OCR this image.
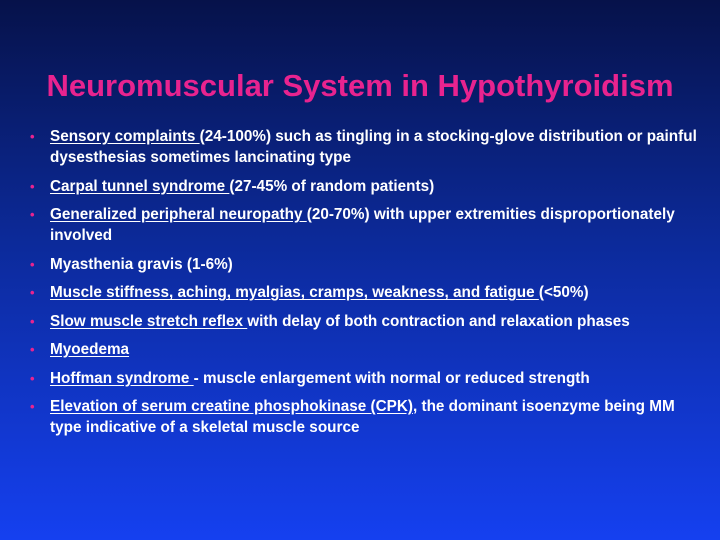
Neuromuscular System in Hypothyroidism
• Sensory complaints (24-100%) such as tingling in a stocking-glove distribution or painful dysesthesias sometimes lancinating type
• Carpal tunnel syndrome (27-45% of random patients)
• Generalized peripheral neuropathy (20-70%) with upper extremities disproportionately involved
• Myasthenia gravis (1-6%)
• Muscle stiffness, aching, myalgias, cramps, weakness, and fatigue (<50%)
• Slow muscle stretch reflex with delay of both contraction and relaxation phases
• Myoedema
• Hoffman syndrome - muscle enlargement with normal or reduced strength
• Elevation of serum creatine phosphokinase (CPK), the dominant isoenzyme being MM type indicative of a skeletal muscle source
